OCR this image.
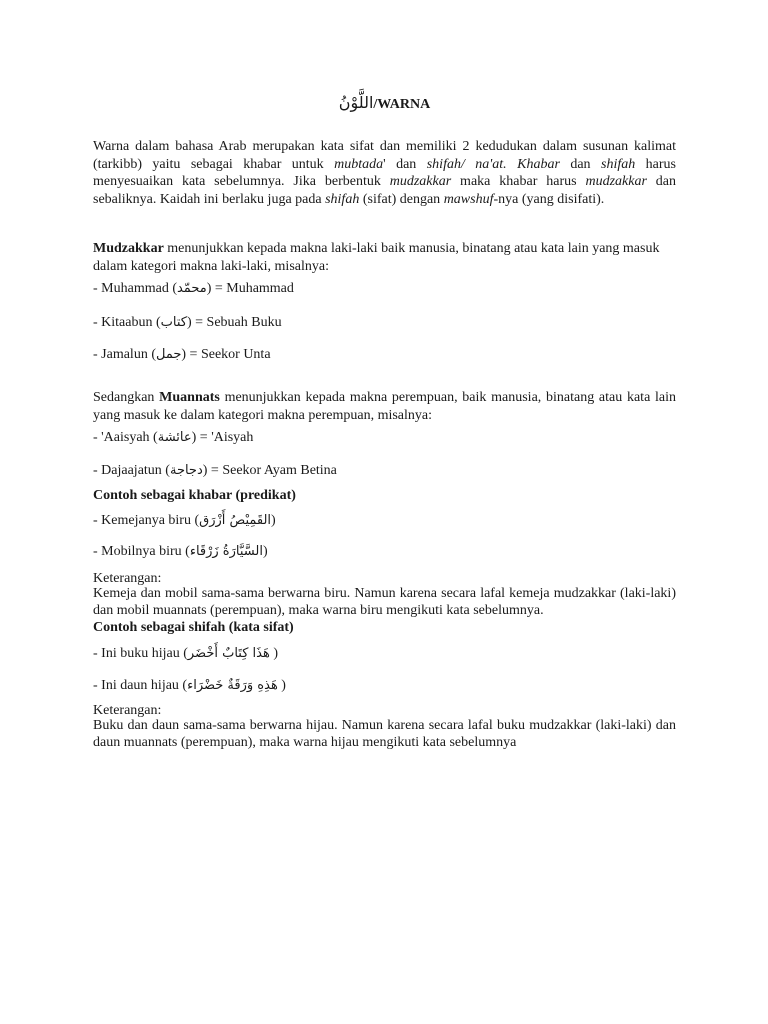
اللَّوْنُ/WARNA
Warna dalam bahasa Arab merupakan kata sifat dan memiliki 2 kedudukan dalam susunan kalimat (tarkibb) yaitu sebagai khabar untuk mubtada' dan shifah/ na'at. Khabar dan shifah harus menyesuaikan kata sebelumnya. Jika berbentuk mudzakkar maka khabar harus mudzakkar dan sebaliknya. Kaidah ini berlaku juga pada shifah (sifat) dengan mawshuf-nya (yang disifati).
Mudzakkar menunjukkan kepada makna laki-laki baik manusia, binatang atau kata lain yang masuk dalam kategori makna laki-laki, misalnya:
- Muhammad (محمّد) = Muhammad
- Kitaabun (كتاب) = Sebuah Buku
- Jamalun (جمل) = Seekor Unta
Sedangkan Muannats menunjukkan kepada makna perempuan, baik manusia, binatang atau kata lain yang masuk ke dalam kategori makna perempuan, misalnya:
- 'Aaisyah (عائشة) = 'Aisyah
- Dajaajatun (دجاجة) = Seekor Ayam Betina
Contoh sebagai khabar (predikat)
- Kemejanya biru (القَمِيْصُ أَزْرَق)
- Mobilnya biru (السَّيَّارَةُ زَرْقَاء)
Keterangan:
Kemeja dan mobil sama-sama berwarna biru. Namun karena secara lafal kemeja mudzakkar (laki-laki) dan mobil muannats (perempuan), maka warna biru mengikuti kata sebelumnya.
Contoh sebagai shifah (kata sifat)
- Ini buku hijau (هَذَا كِتَابٌ أَخْضَر )
- Ini daun hijau (هَذِهِ وَرَقَةٌ خَضْرَاء )
Keterangan:
Buku dan daun sama-sama berwarna hijau. Namun karena secara lafal buku mudzakkar (laki-laki) dan daun muannats (perempuan), maka warna hijau mengikuti kata sebelumnya
